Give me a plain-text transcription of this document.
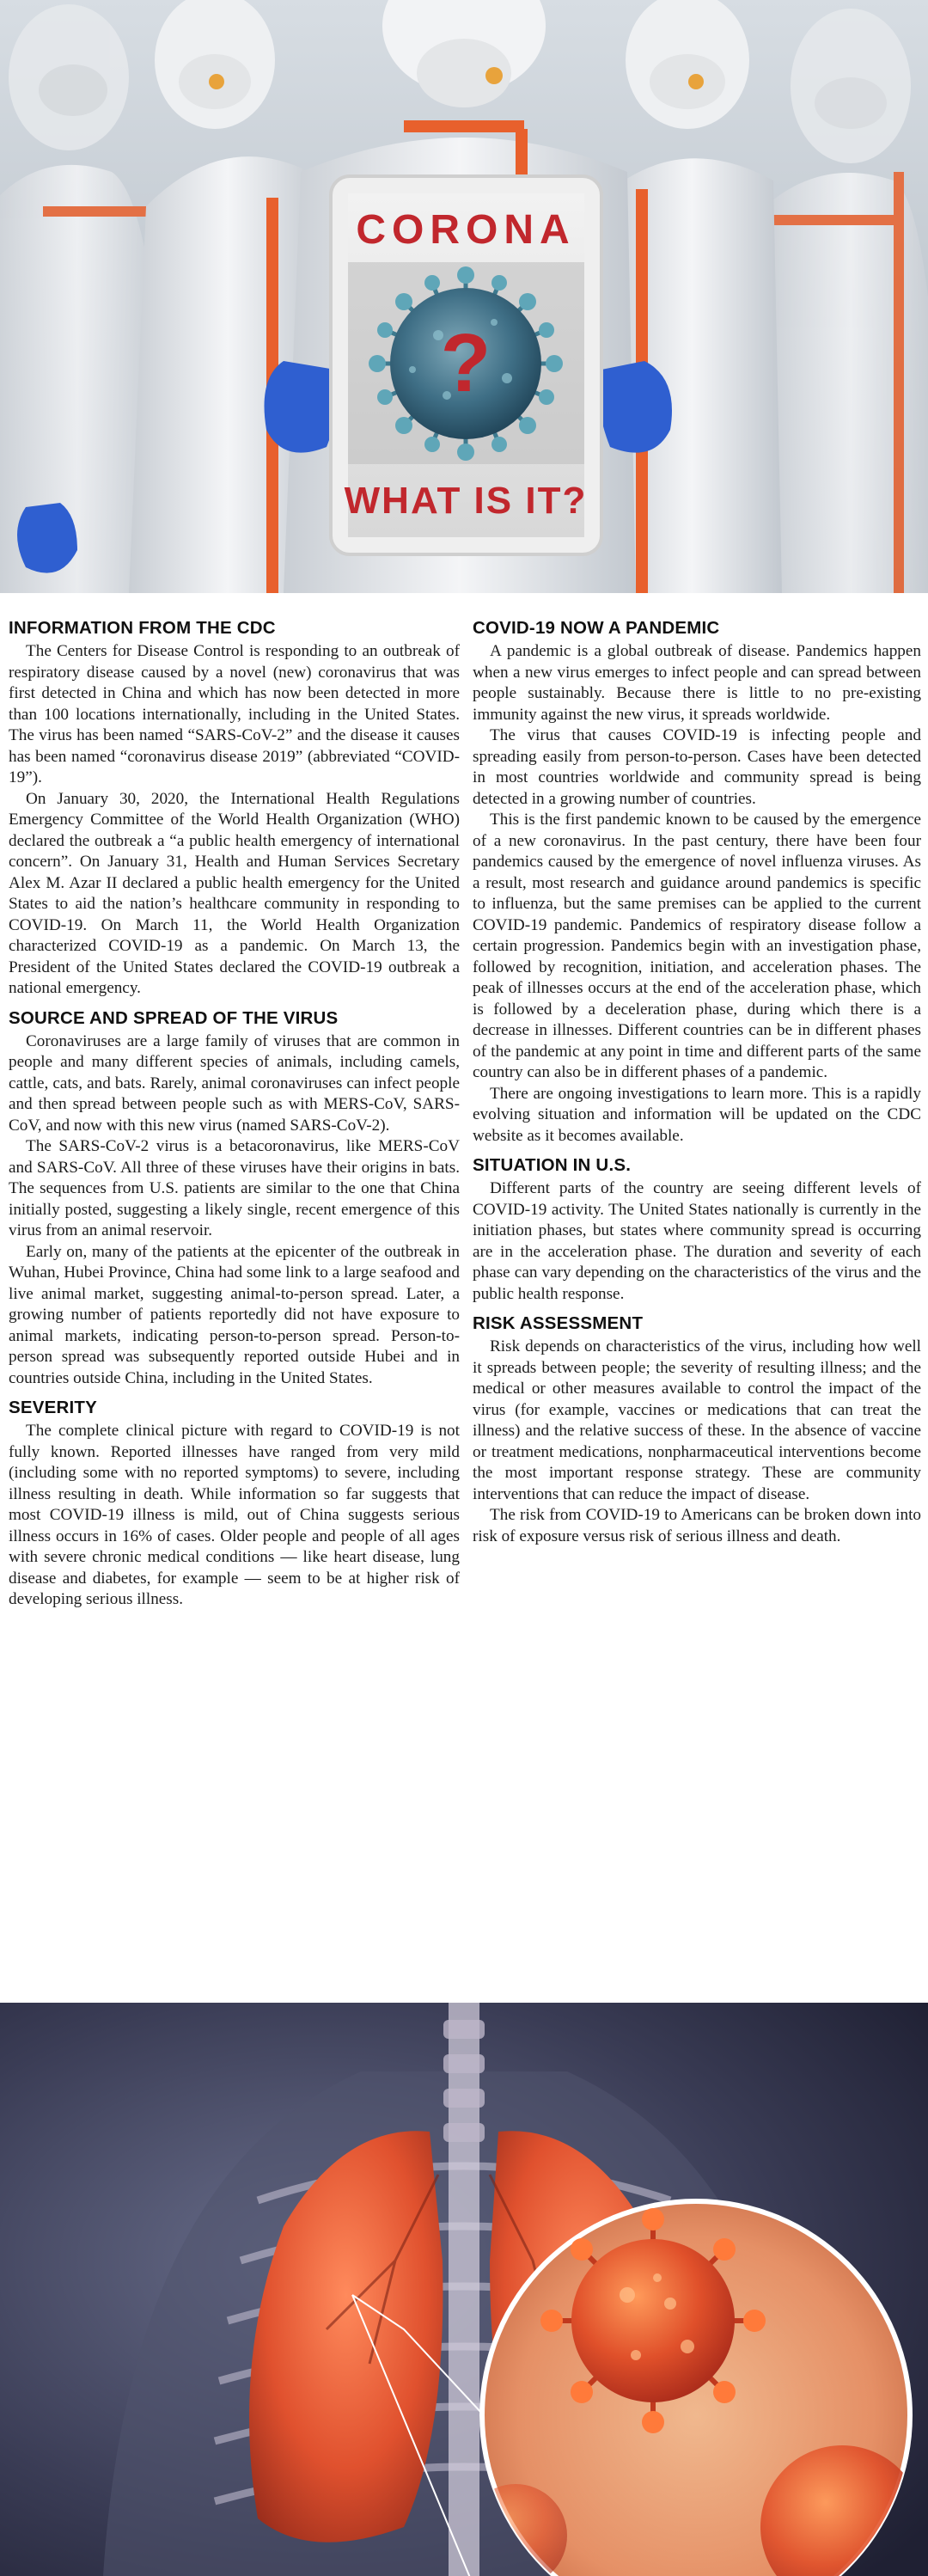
CORONA
?
WHAT IS IT?
INFORMATION FROM THE CDC

The Centers for Disease Control is responding to an outbreak of respiratory disease caused by a novel (new) coronavirus that was first detected in China and which has now been detected in more than 100 locations internationally, including in the United States. The virus has been named “SARS-CoV-2” and the disease it causes has been named “coronavirus disease 2019” (abbreviated “COVID-19”).

On January 30, 2020, the International Health Regulations Emergency Committee of the World Health Organization (WHO) declared the outbreak a “a public health emergency of international concern”. On January 31, Health and Human Services Secretary Alex M. Azar II declared a public health emergency for the United States to aid the nation’s healthcare community in responding to COVID-19. On March 11, the World Health Organization characterized COVID-19 as a pandemic. On March 13, the President of the United States declared the COVID-19 outbreak a national emergency.

SOURCE AND SPREAD OF THE VIRUS

Coronaviruses are a large family of viruses that are common in people and many different species of animals, including camels, cattle, cats, and bats. Rarely, animal coronaviruses can infect people and then spread between people such as with MERS-CoV, SARS-CoV, and now with this new virus (named SARS-CoV-2).

The SARS-CoV-2 virus is a betacoronavirus, like MERS-CoV and SARS-CoV. All three of these viruses have their origins in bats. The sequences from U.S. patients are similar to the one that China initially posted, suggesting a likely single, recent emergence of this virus from an animal reservoir.

Early on, many of the patients at the epicenter of the outbreak in Wuhan, Hubei Province, China had some link to a large seafood and live animal market, suggesting animal-to-person spread. Later, a growing number of patients reportedly did not have exposure to animal markets, indicating person-to-person spread. Person-to-person spread was subsequently reported outside Hubei and in countries outside China, including in the United States.

SEVERITY

The complete clinical picture with regard to COVID-19 is not fully known. Reported illnesses have ranged from very mild (including some with no reported symptoms) to severe, including illness resulting in death. While information so far suggests that most COVID-19 illness is mild, out of China suggests serious illness occurs in 16% of cases. Older people and people of all ages with severe chronic medical conditions — like heart disease, lung disease and diabetes, for example — seem to be at higher risk of developing serious illness.

COVID-19 NOW A PANDEMIC

A pandemic is a global outbreak of disease. Pandemics happen when a new virus emerges to infect people and can spread between people sustainably. Because there is little to no pre-existing immunity against the new virus, it spreads worldwide.

The virus that causes COVID-19 is infecting people and spreading easily from person-to-person. Cases have been detected in most countries worldwide and community spread is being detected in a growing number of countries.

This is the first pandemic known to be caused by the emergence of a new coronavirus. In the past century, there have been four pandemics caused by the emergence of novel influenza viruses. As a result, most research and guidance around pandemics is specific to influenza, but the same premises can be applied to the current COVID-19 pandemic. Pandemics of respiratory disease follow a certain progression. Pandemics begin with an investigation phase, followed by recognition, initiation, and acceleration phases. The peak of illnesses occurs at the end of the acceleration phase, which is followed by a deceleration phase, during which there is a decrease in illnesses. Different countries can be in different phases of the pandemic at any point in time and different parts of the same country can also be in different phases of a pandemic.

There are ongoing investigations to learn more. This is a rapidly evolving situation and information will be updated on the CDC website as it becomes available.

SITUATION IN U.S.

Different parts of the country are seeing different levels of COVID-19 activity. The United States nationally is currently in the initiation phases, but states where community spread is occurring are in the acceleration phase. The duration and severity of each phase can vary depending on the characteristics of the virus and the public health response.

RISK ASSESSMENT

Risk depends on characteristics of the virus, including how well it spreads between people; the severity of resulting illness; and the medical or other measures available to control the impact of the virus (for example, vaccines or medications that can treat the illness) and the relative success of these. In the absence of vaccine or treatment medications, nonpharmaceutical interventions become the most important response strategy. These are community interventions that can reduce the impact of disease.

The risk from COVID-19 to Americans can be broken down into risk of exposure versus risk of serious illness and death.
